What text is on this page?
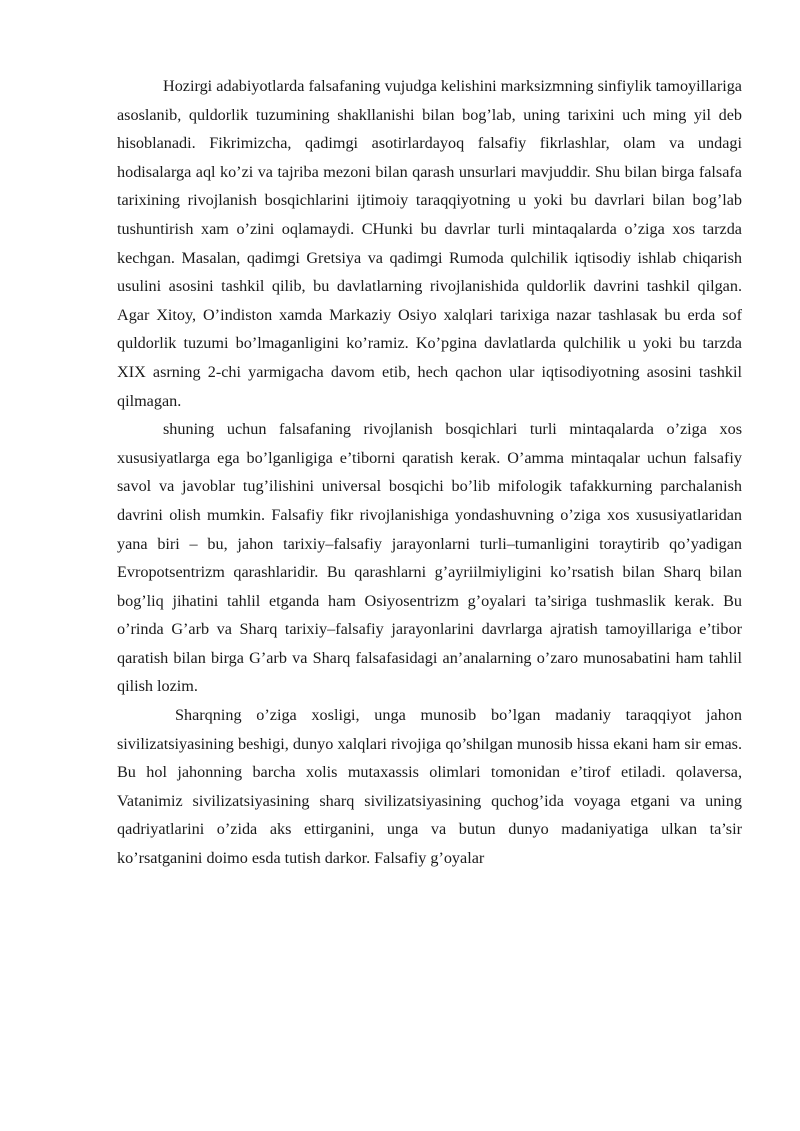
Hozirgi adabiyotlarda falsafaning vujudga kelishini marksizmning sinfiylik tamoyillariga asoslanib, quldorlik tuzumining shakllanishi bilan bog’lab, uning tarixini uch ming yil deb hisoblanadi. Fikrimizcha, qadimgi asotirlardayoq falsafiy fikrlashlar, olam va undagi hodisalarga aql ko’zi va tajriba mezoni bilan qarash unsurlari mavjuddir. Shu bilan birga falsafa tarixining rivojlanish bosqichlarini ijtimoiy taraqqiyotning u yoki bu davrlari bilan bog’lab tushuntirish xam o’zini oqlamaydi. CHunki bu davrlar turli mintaqalarda o’ziga xos tarzda kechgan. Masalan, qadimgi Gretsiya va qadimgi Rumoda qulchilik iqtisodiy ishlab chiqarish usulini asosini tashkil qilib, bu davlatlarning rivojlanishida quldorlik davrini tashkil qilgan. Agar Xitoy, O’indiston xamda Markaziy Osiyo xalqlari tarixiga nazar tashlasak bu erda sof quldorlik tuzumi bo’lmaganligini ko’ramiz. Ko’pgina davlatlarda qulchilik u yoki bu tarzda XIX asrning 2-chi yarmigacha davom etib, hech qachon ular iqtisodiyotning asosini tashkil qilmagan.

shuning uchun falsafaning rivojlanish bosqichlari turli mintaqalarda o’ziga xos xususiyatlarga ega bo’lganligiga e’tiborni qaratish kerak. O’amma mintaqalar uchun falsafiy savol va javoblar tug’ilishini universal bosqichi bo’lib mifologik tafakkurning parchalanish davrini olish mumkin. Falsafiy fikr rivojlanishiga yondashuvning o’ziga xos xususiyatlaridan yana biri – bu, jahon tarixiy–falsafiy jarayonlarni turli–tumanligini toraytirib qo’yadigan Evropotsentrizm qarashlaridir. Bu qarashlarni g’ayriilmiyligini ko’rsatish bilan Sharq bilan bog’liq jihatini tahlil etganda ham Osiyosentrizm g’oyalari ta’siriga tushmaslik kerak. Bu o’rinda G’arb va Sharq tarixiy–falsafiy jarayonlarini davrlarga ajratish tamoyillariga e’tibor qaratish bilan birga G’arb va Sharq falsafasidagi an’analarning o’zaro munosabatini ham tahlil qilish lozim.

Sharqning o’ziga xosligi, unga munosib bo’lgan madaniy taraqqiyot jahon sivilizatsiyasining beshigi, dunyo xalqlari rivojiga qo’shilgan munosib hissa ekani ham sir emas. Bu hol jahonning barcha xolis mutaxassis olimlari tomonidan e’tirof etiladi. qolaversa, Vatanimiz sivilizatsiyasining sharq sivilizatsiyasining quchog’ida voyaga etgani va uning qadriyatlarini o’zida aks ettirganini, unga va butun dunyo madaniyatiga ulkan ta’sir ko’rsatganini doimo esda tutish darkor. Falsafiy g’oyalar
